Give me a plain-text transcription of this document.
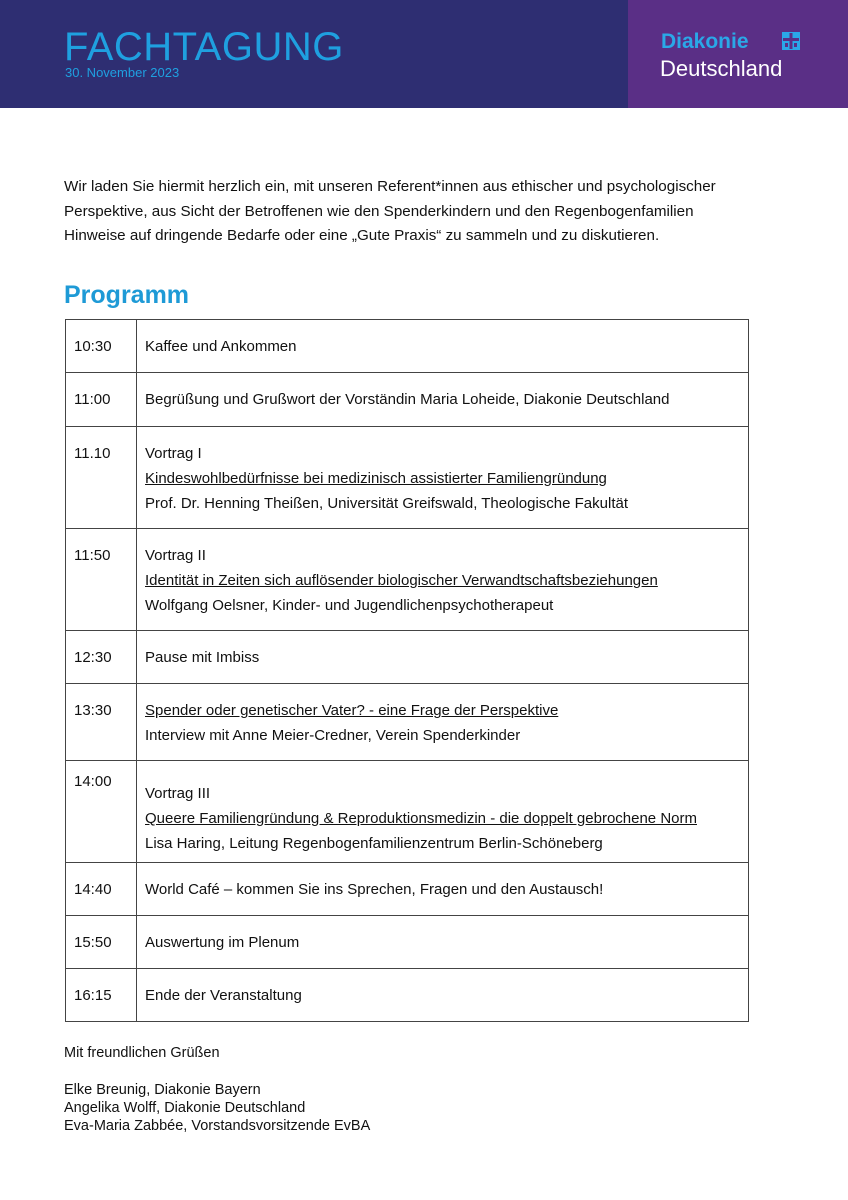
FACHTAGUNG
30. November 2023
Diakonie
Deutschland

Wir laden Sie hiermit herzlich ein, mit unseren Referent*innen aus ethischer und psychologischer

Perspektive, aus Sicht der Betroffenen wie den Spenderkindern und den Regenbogenfamilien

Hinweise auf dringende Bedarfe oder eine „Gute Praxis“ zu sammeln und zu diskutieren.

Programm
10:30	Kaffee und Ankommen

11:00	Begrüßung und Grußwort der Vorständin Maria Loheide, Diakonie Deutschland

11.10	Vortrag I
Kindeswohlbedürfnisse bei medizinisch assistierter Familiengründung
Prof. Dr. Henning Theißen, Universität Greifswald, Theologische Fakultät

11:50	Vortrag II
Identität in Zeiten sich auflösender biologischer Verwandtschaftsbeziehungen
Wolfgang Oelsner, Kinder- und Jugendlichenpsychotherapeut

12:30	Pause mit Imbiss

13:30	Spender oder genetischer Vater? - eine Frage der Perspektive
Interview mit Anne Meier-Credner, Verein Spenderkinder

14:00	Vortrag III
Queere Familiengründung & Reproduktionsmedizin - die doppelt gebrochene Norm
Lisa Haring, Leitung Regenbogenfamilienzentrum Berlin-Schöneberg

14:40	World Café – kommen Sie ins Sprechen, Fragen und den Austausch!

15:50	Auswertung im Plenum

16:15	Ende der Veranstaltung
Mit freundlichen Grüßen
Elke Breunig, Diakonie Bayern
Angelika Wolff, Diakonie Deutschland
Eva-Maria Zabbée, Vorstandsvorsitzende EvBA
